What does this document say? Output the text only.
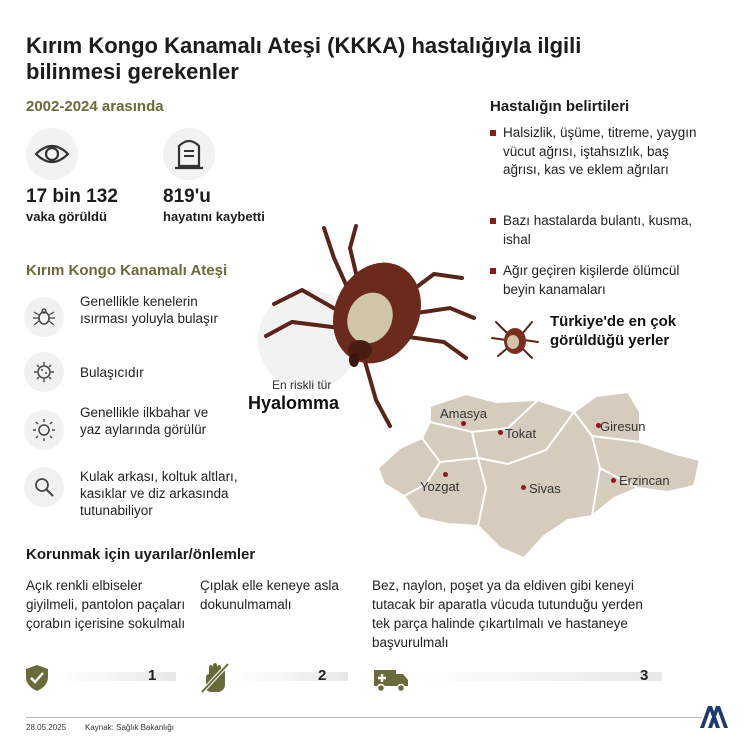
Kırım Kongo Kanamalı Ateşi (KKKA) hastalığıyla ilgili bilinmesi gerekenler
2002-2024 arasında
17 bin 132
vaka görüldü
819'u
hayatını kaybetti
Kırım Kongo Kanamalı Ateşi
Genellikle kenelerin ısırması yoluyla bulaşır
Bulaşıcıdır
Genellikle ilkbahar ve yaz aylarında görülür
Kulak arkası, koltuk altları, kasıklar ve diz arkasında tutunabiliyor
En riskli tür
Hyalomma
Hastalığın belirtileri
Halsizlik, üşüme, titreme, yaygın vücut ağrısı, iştahsızlık, baş ağrısı, kas ve eklem ağrıları
Bazı hastalarda bulantı, kusma, ishal
Ağır geçiren kişilerde ölümcül beyin kanamaları
Türkiye'de en çok görüldüğü yerler
Amasya
Tokat	Giresun
Yozgat	Sivas
Erzincan
Korunmak için uyarılar/önlemler
Açık renkli elbiseler giyilmeli, pantolon paçaları çorabın içerisine sokulmalı
Çıplak elle keneye asla dokunulmamalı
Bez, naylon, poşet ya da eldiven gibi keneyi tutacak bir aparatla vücuda tutunduğu yerden tek parça halinde çıkartılmalı ve hastaneye başvurulmalı
1	2	3
28.05.2025 Kaynak: Sağlık Bakanlığı
